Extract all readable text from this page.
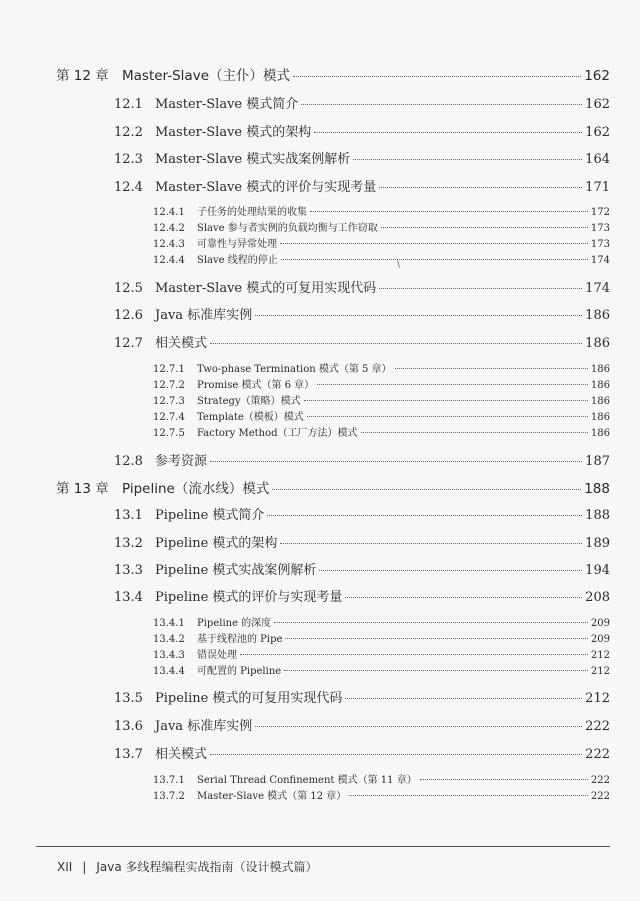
第 12 章 Master-Slave（主仆）模式	162
12.1 Master-Slave 模式简介	162
12.2 Master-Slave 模式的架构	162
12.3 Master-Slave 模式实战案例解析	164
12.4 Master-Slave 模式的评价与实现考量	171
12.4.1	子任务的处理结果的收集	172
12.4.2	Slave 参与者实例的负载均衡与工作窃取	173
12.4.3	可靠性与异常处理	173
12.4.4	Slave 线程的停止	174
12.5 Master-Slave 模式的可复用实现代码	174
12.6 Java 标准库实例	186
12.7 相关模式	186
12.7.1	Two-phase Termination 模式（第 5 章）	186
12.7.2	Promise 模式（第 6 章）	186
12.7.3	Strategy（策略）模式	186
12.7.4	Template（模板）模式	186
12.7.5	Factory Method（工厂方法）模式	186
12.8 参考资源	187
第 13 章 Pipeline（流水线）模式	188
13.1 Pipeline 模式简介	188
13.2 Pipeline 模式的架构	189
13.3 Pipeline 模式实战案例解析	194
13.4 Pipeline 模式的评价与实现考量	208
13.4.1	Pipeline 的深度	209
13.4.2	基于线程池的 Pipe	209
13.4.3	错误处理	212
13.4.4	可配置的 Pipeline	212
13.5 Pipeline 模式的可复用实现代码	212
13.6 Java 标准库实例	222
13.7 相关模式	222
13.7.1	Serial Thread Confinement 模式（第 11 章）	222
13.7.2	Master-Slave 模式（第 12 章）	222
XII | Java 多线程编程实战指南（设计模式篇）
